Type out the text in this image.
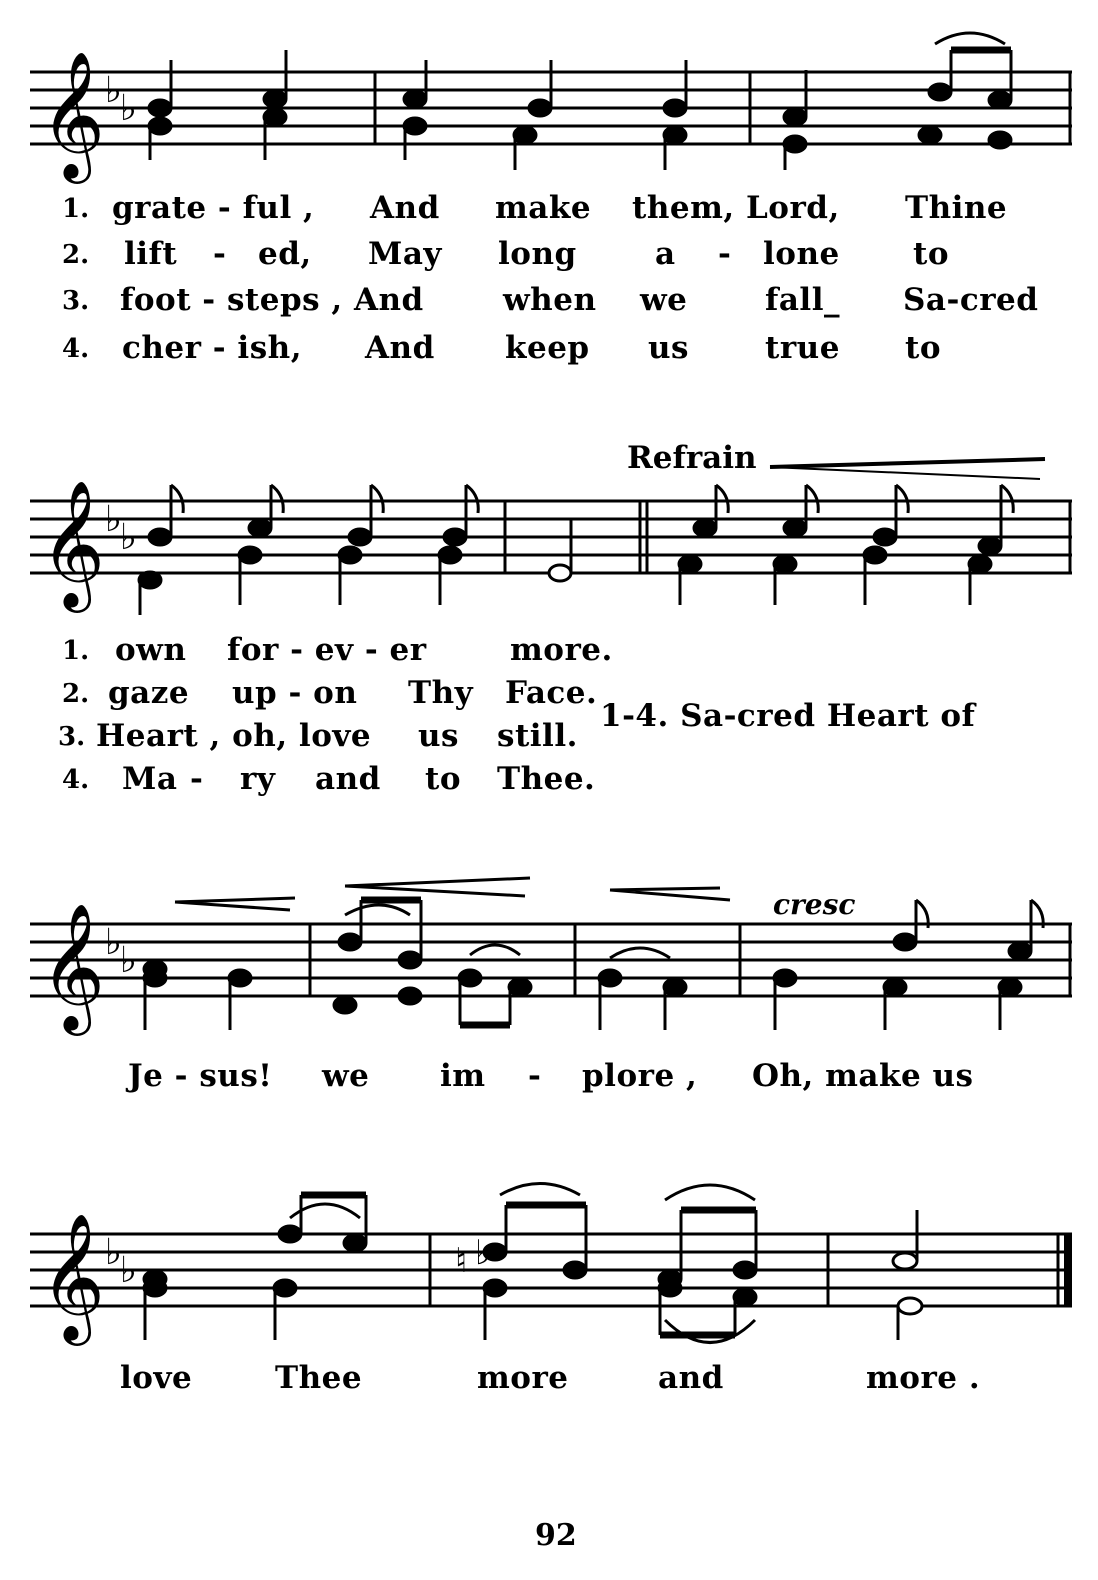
𝄞 ♭
♭
1. grate - ful , And make them, Lord, Thine
2. lift - ed, May long	a - lone to
3. foot - steps , And	when we	fall_ Sa-cred
4. cher - ish, And keep us true to
Refrain
𝄞 ♭
♭
1. own for - ev - er	more.
2. gaze up - on Thy Face.
3. Heart , oh, love us still.
4. Ma - ry and to Thee.
1-4. Sa-cred Heart of
cresc
𝄞 ♭
♭
Je - sus! we im - plore , Oh, make us
𝄞 ♭
♭	♮ ♭
love	Thee	more	and	more .
92
